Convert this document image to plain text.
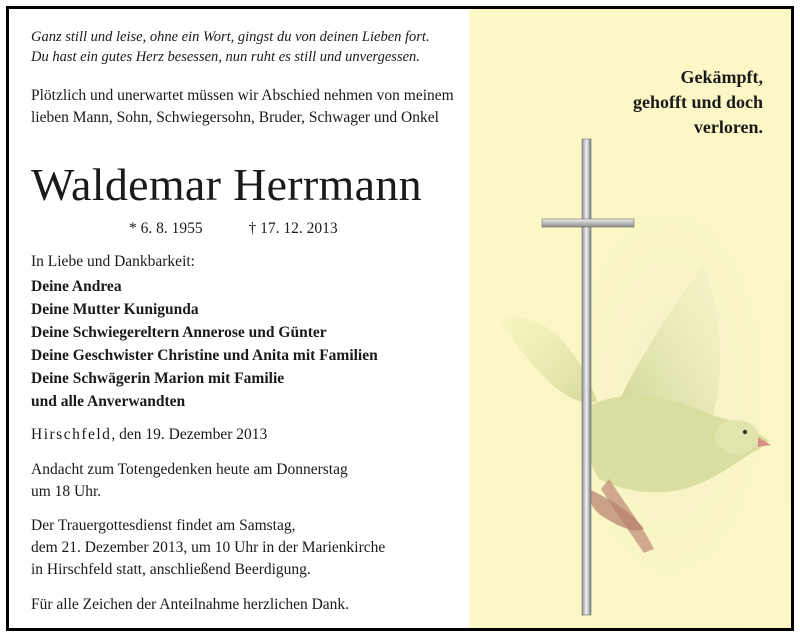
Ganz still und leise, ohne ein Wort, gingst du von deinen Lieben fort.
Du hast ein gutes Herz besessen, nun ruht es still und unvergessen.
Plötzlich und unerwartet müssen wir Abschied nehmen von meinem lieben Mann, Sohn, Schwiegersohn, Bruder, Schwager und Onkel
Waldemar Herrmann
* 6. 8. 1955	† 17. 12. 2013
In Liebe und Dankbarkeit:
Deine Andrea
Deine Mutter Kunigunda
Deine Schwiegereltern Annerose und Günter
Deine Geschwister Christine und Anita mit Familien
Deine Schwägerin Marion mit Familie
und alle Anverwandten
Hirschfeld, den 19. Dezember 2013
Andacht zum Totengedenken heute am Donnerstag
um 18 Uhr.
Der Trauergottesdienst findet am Samstag,
dem 21. Dezember 2013, um 10 Uhr in der Marienkirche
in Hirschfeld statt, anschließend Beerdigung.
Für alle Zeichen der Anteilnahme herzlichen Dank.
Gekämpft,
gehofft und doch
verloren.
